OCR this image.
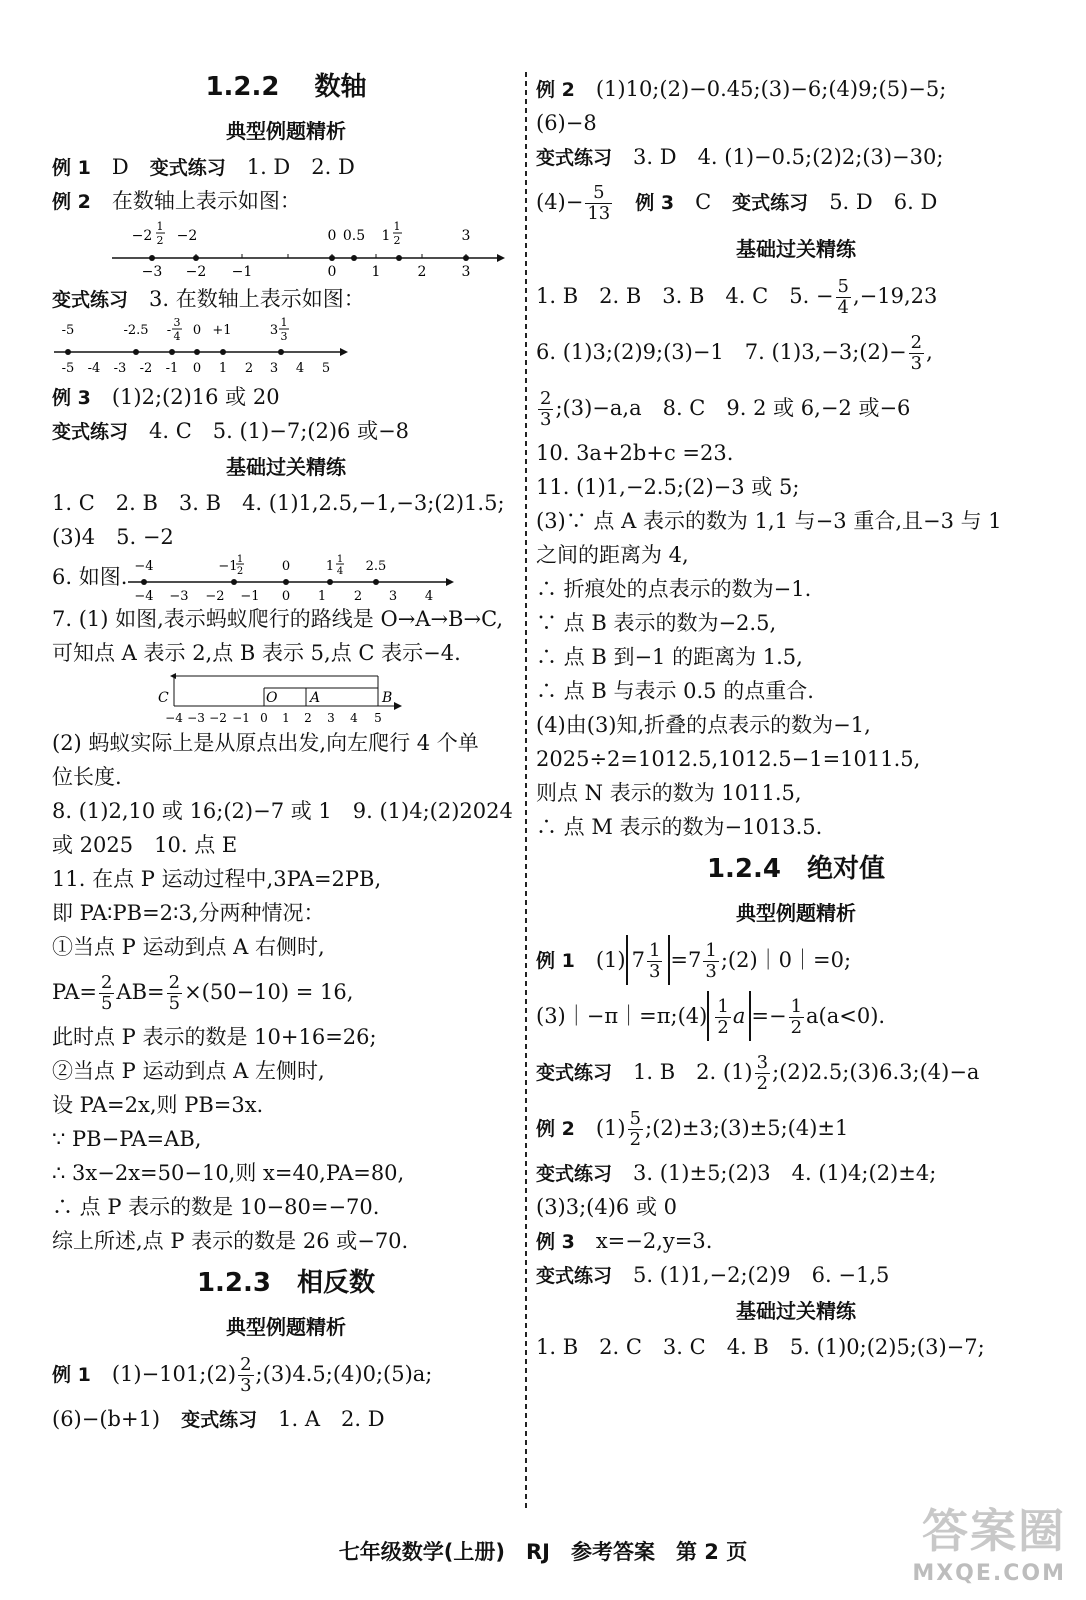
1.2.2　 数轴
典型例题精析
例 1　 D　 变式练习　 1. D　2. D
例 2　 在数轴上表示如图：
−2
1
2 −2	0 0.5 1
1
2	3
−3 −2 −1	0	1	2	3
变式练习　 3. 在数轴上表示如图：
-5	-2.5 -
3
4 0 +1	3
1
3
-5 -4 -3 -2 -1 0 1 2 3 4 5
例 3　 (1)2;(2)16 或 20
变式练习　 4. C　5. (1)−7;(2)6 或−8
基础过关精练
1. C　2. B　3. B　4. (1)1,2.5,−1,−3;(2)1.5;
(3)4　5. −2
6. 如图. −4	−1 1
2	0	1 1
4 2.5
−4 −3 −2 −1 0 1 2 3 4
7. (1) 如图,表示蚂蚁爬行的路线是 O→A→B→C,
可知点 A 表示 2,点 B 表示 5,点 C 表示−4.
C	O A	B
−4 −3 −2 −1 0 1 2 3 4 5
(2) 蚂蚁实际上是从原点出发,向左爬行 4 个单
位长度.
8. (1)2,10 或 16;(2)−7 或 1　9. (1)4;(2)2024
或 2025　10. 点 E
11. 在点 P 运动过程中,3PA=2PB,
即 PA∶PB=2∶3,分两种情况：
①当点 P 运动到点 A 右侧时,
$PA= \frac{2}{5} AB= \frac{2}{5} \times(50-10) = 16$,
此时点 P 表示的数是 10+16=26;
②当点 P 运动到点 A 左侧时,
设 PA=2x,则 PB=3x.
∵ PB−PA=AB,
∴ 3x−2x=50−10,则 x=40,PA=80,
∴ 点 P 表示的数是 10−80=−70.
综上所述,点 P 表示的数是 26 或−70.
1.2.3　 相反数
典型例题精析
例 1　 (1)−101;(2) $\frac{2}{3}$ ;(3)4.5;(4)0;(5)a;
(6)−(b+1)　 变式练习　 1. A　2. D
例 2　 (1)10;(2)−0.45;(3)−6;(4)9;(5)−5;
(6)−8
变式练习　 3. D　4. (1)−0.5;(2)2;(3)−30;
$(4)- \frac{5}{13}$
　 例 3　 C　 变式练习　 5. D　6. D
基础过关精练
1. B　2. B　3. B　4. C　5. − $\frac{5}{4} ,-19,23$
6. (1)3;(2)9;(3)−1　7. (1)3,−3;(2)− $\frac{2}{3}$ ,
$\frac{2}{3}$ ;(3)−a,a　8. C　9. 2 或 6,−2 或−6
10. 3a+2b+c =23.
11. (1)1,−2.5;(2)−3 或 5;
(3)∵ 点 A 表示的数为 1,1 与−3 重合,且−3 与 1
之间的距离为 4,
∴ 折痕处的点表示的数为−1.
∵ 点 B 表示的数为−2.5,
∴ 点 B 到−1 的距离为 1.5,
∴ 点 B 与表示 0.5 的点重合.
(4)由(3)知,折叠的点表示的数为−1,
2025÷2=1012.5,1012.5−1=1011.5,
则点 N 表示的数为 1011.5,
∴ 点 M 表示的数为−1013.5.
1.2.4　 绝对值
典型例题精析
例 1　 (1) $7 \frac{1}{3} =7 \frac{1}{3}$ ;(2)｜0｜=0;
(3)｜−π｜=π;(4) $\frac{1}{2}$ $a =- \frac{1}{2} a(a<0)$.
变式练习　 1. B　2. $(1) \frac{3}{2}$ ;(2)2.5;(3)6.3;(4)−a
例 2　 $(1) \frac{5}{2}$ ;(2)±3;(3)±5;(4)±1
变式练习　 3. (1)±5;(2)3　4. (1)4;(2)±4;
(3)3;(4)6 或 0
例 3　 x=−2,y=3.
变式练习　 5. (1)1,−2;(2)9　6. −1,5
基础过关精练
1. B　2. C　3. C　4. B　5. (1)0;(2)5;(3)−7;
七年级数学(上册)　RJ　参考答案　第 2 页	答案圈
MXQE.COM
